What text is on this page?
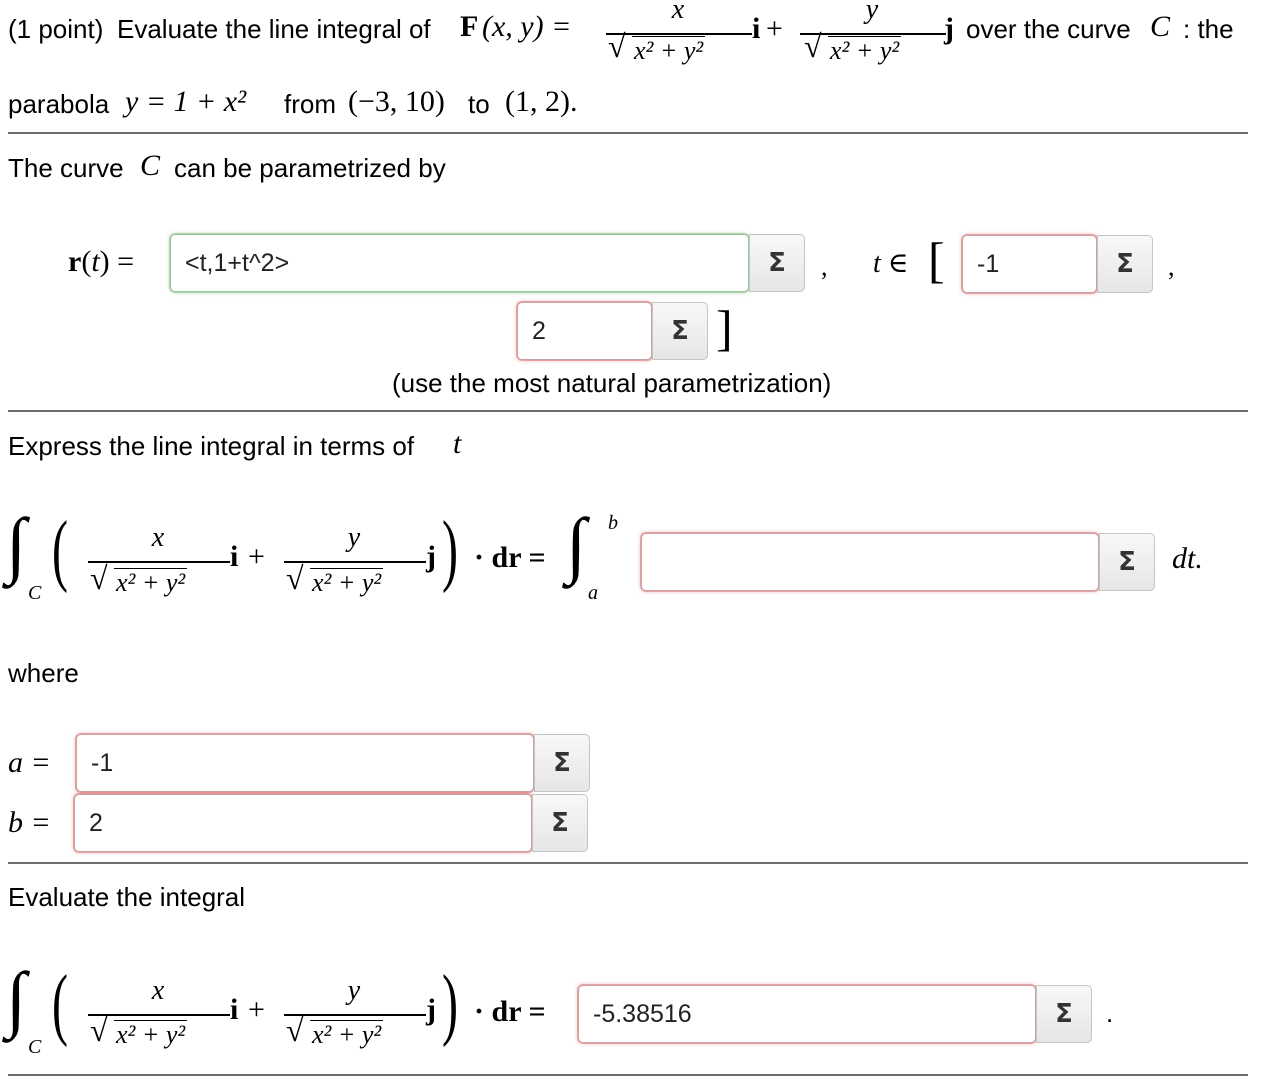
(1 point) Evaluate the line integral of F (x, y) =
x
√ x² + y²
i +
y
√ x² + y²
j over the curve C : the
parabola y = 1 + x² from (−3, 10) to (1, 2).
The curve C can be parametrized by
r(t) =	<t,1+t^2>	Σ	, t ∈ [	-1	Σ	,
2	Σ ]
(use the most natural parametrization)
Express the line integral in terms of t
∫
C (	x
√ x² + y²
i +
y
√ x² + y²
j ) · dr = ∫ b
a
Σ	dt.
where
a =	-1	Σ
b =	2	Σ
Evaluate the integral
∫
C (	x
√ x² + y²
i +
y
√ x² + y²
j ) · dr =	-5.38516	Σ	.
